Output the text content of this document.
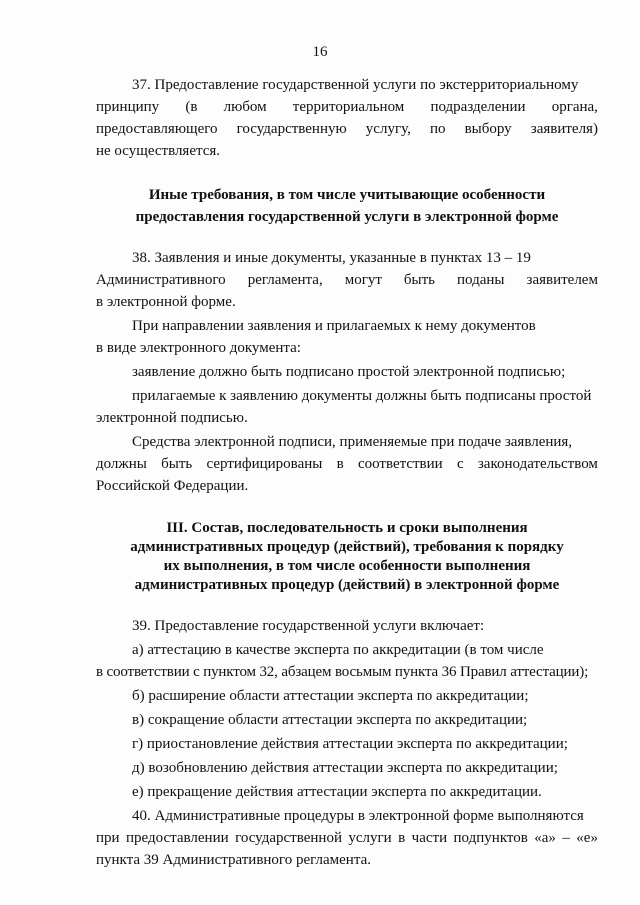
16
37. Предоставление государственной услуги по экстерриториальному
принципу (в любом территориальном подразделении органа,
предоставляющего государственную услугу, по выбору заявителя)
не осуществляется.
Иные требования, в том числе учитывающие особенности
предоставления государственной услуги в электронной форме
38. Заявления и иные документы, указанные в пунктах 13 – 19
Административного регламента, могут быть поданы заявителем
в электронной форме.
При направлении заявления и прилагаемых к нему документов
в виде электронного документа:
заявление должно быть подписано простой электронной подписью;
прилагаемые к заявлению документы должны быть подписаны простой
электронной подписью.
Средства электронной подписи, применяемые при подаче заявления,
должны быть сертифицированы в соответствии с законодательством
Российской Федерации.
III. Состав, последовательность и сроки выполнения
административных процедур (действий), требования к порядку
их выполнения, в том числе особенности выполнения
административных процедур (действий) в электронной форме
39. Предоставление государственной услуги включает:
а) аттестацию в качестве эксперта по аккредитации (в том числе
в соответствии с пунктом 32, абзацем восьмым пункта 36 Правил аттестации);
б) расширение области аттестации эксперта по аккредитации;
в) сокращение области аттестации эксперта по аккредитации;
г) приостановление действия аттестации эксперта по аккредитации;
д) возобновлению действия аттестации эксперта по аккредитации;
е) прекращение действия аттестации эксперта по аккредитации.
40. Административные процедуры в электронной форме выполняются
при предоставлении государственной услуги в части подпунктов «а» – «е»
пункта 39 Административного регламента.
